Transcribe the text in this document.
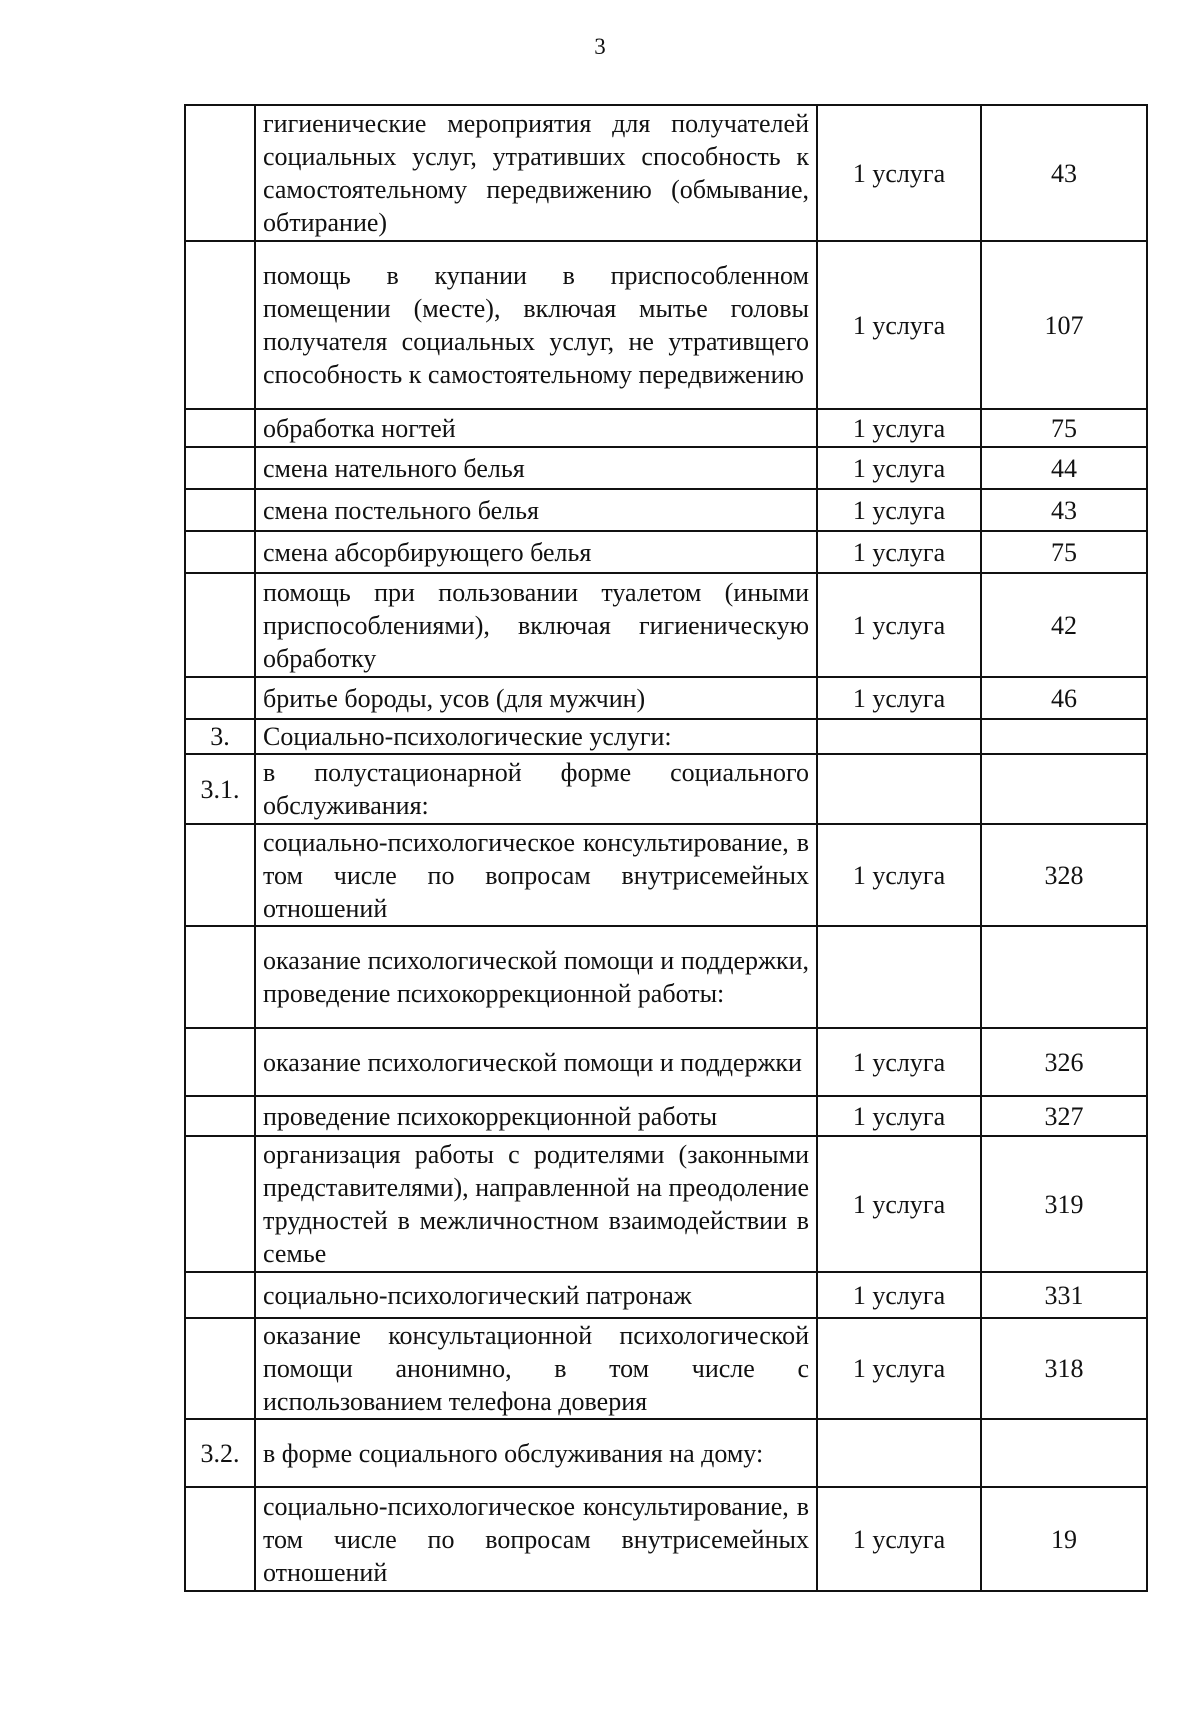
3
	гигиенические мероприятия для получателей социальных услуг, утративших способность к самостоятельному передвижению (обмывание, обтирание)	1 услуга	43
	помощь в купании в приспособленном помещении (месте), включая мытье головы получателя социальных услуг, не утративщего способность к самостоятельному передвижению	1 услуга	107
	обработка ногтей	1 услуга	75
	смена нательного белья	1 услуга	44
	смена постельного белья	1 услуга	43
	смена абсорбирующего белья	1 услуга	75
	помощь при пользовании туалетом (иными приспособлениями), включая гигиеническую обработку	1 услуга	42
	бритье бороды, усов (для мужчин)	1 услуга	46
3.	Социально-психологические услуги:		
3.1.	в полустационарной форме социального обслуживания:		
	социально-психологическое консультирование, в том числе по вопросам внутрисемейных отношений	1 услуга	328
	оказание психологической помощи и поддержки, проведение психокоррекционной работы:		
	оказание психологической помощи и поддержки	1 услуга	326
	проведение психокоррекционной работы	1 услуга	327
	организация работы с родителями (законными представителями), направленной на преодоление трудностей в межличностном взаимодействии в семье	1 услуга	319
	социально-психологический патронаж	1 услуга	331
	оказание консультационной психологической помощи анонимно, в том числе с использованием телефона доверия	1 услуга	318
3.2.	в форме социального обслуживания на дому:		
	социально-психологическое консультирование, в том числе по вопросам внутрисемейных отношений	1 услуга	19
